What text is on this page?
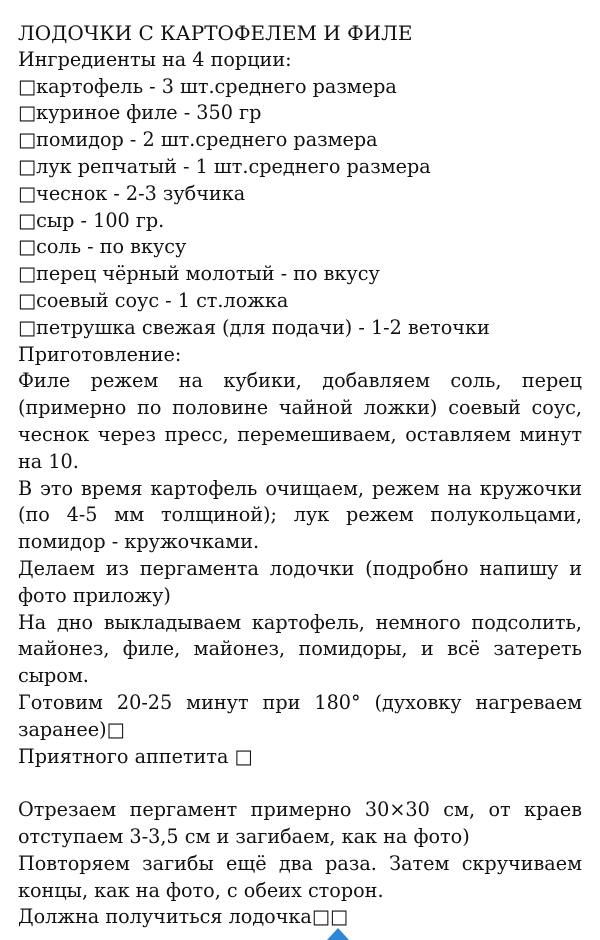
ЛОДОЧКИ С КАРТОФЕЛЕМ И ФИЛЕ
Ингредиенты на 4 порции:
□картофель - 3 шт.среднего размера
□куриное филе - 350 гр
□помидор - 2 шт.среднего размера
□лук репчатый - 1 шт.среднего размера
□чеснок - 2-3 зубчика
□сыр - 100 гр.
□соль - по вкусу
□перец чёрный молотый - по вкусу
□соевый соус - 1 ст.ложка
□петрушка свежая (для подачи) - 1-2 веточки
Приготовление:
Филе режем на кубики, добавляем соль, перец (примерно по половине чайной ложки) соевый соус, чеснок через пресс, перемешиваем, оставляем минут на 10.
В это время картофель очищаем, режем на кружочки (по 4-5 мм толщиной); лук режем полукольцами, помидор - кружочками.
Делаем из пергамента лодочки (подробно напишу и фото приложу)
На дно выкладываем картофель, немного подсолить, майонез, филе, майонез, помидоры, и всё затереть сыром.
Готовим 20-25 минут при 180° (духовку нагреваем заранее)□
Приятного аппетита □
Отрезаем пергамент примерно 30×30 см, от краев отступаем 3-3,5 см и загибаем, как на фото)
Повторяем загибы ещё два раза. Затем скручиваем концы, как на фото, с обеих сторон.
Должна получиться лодочка□□
